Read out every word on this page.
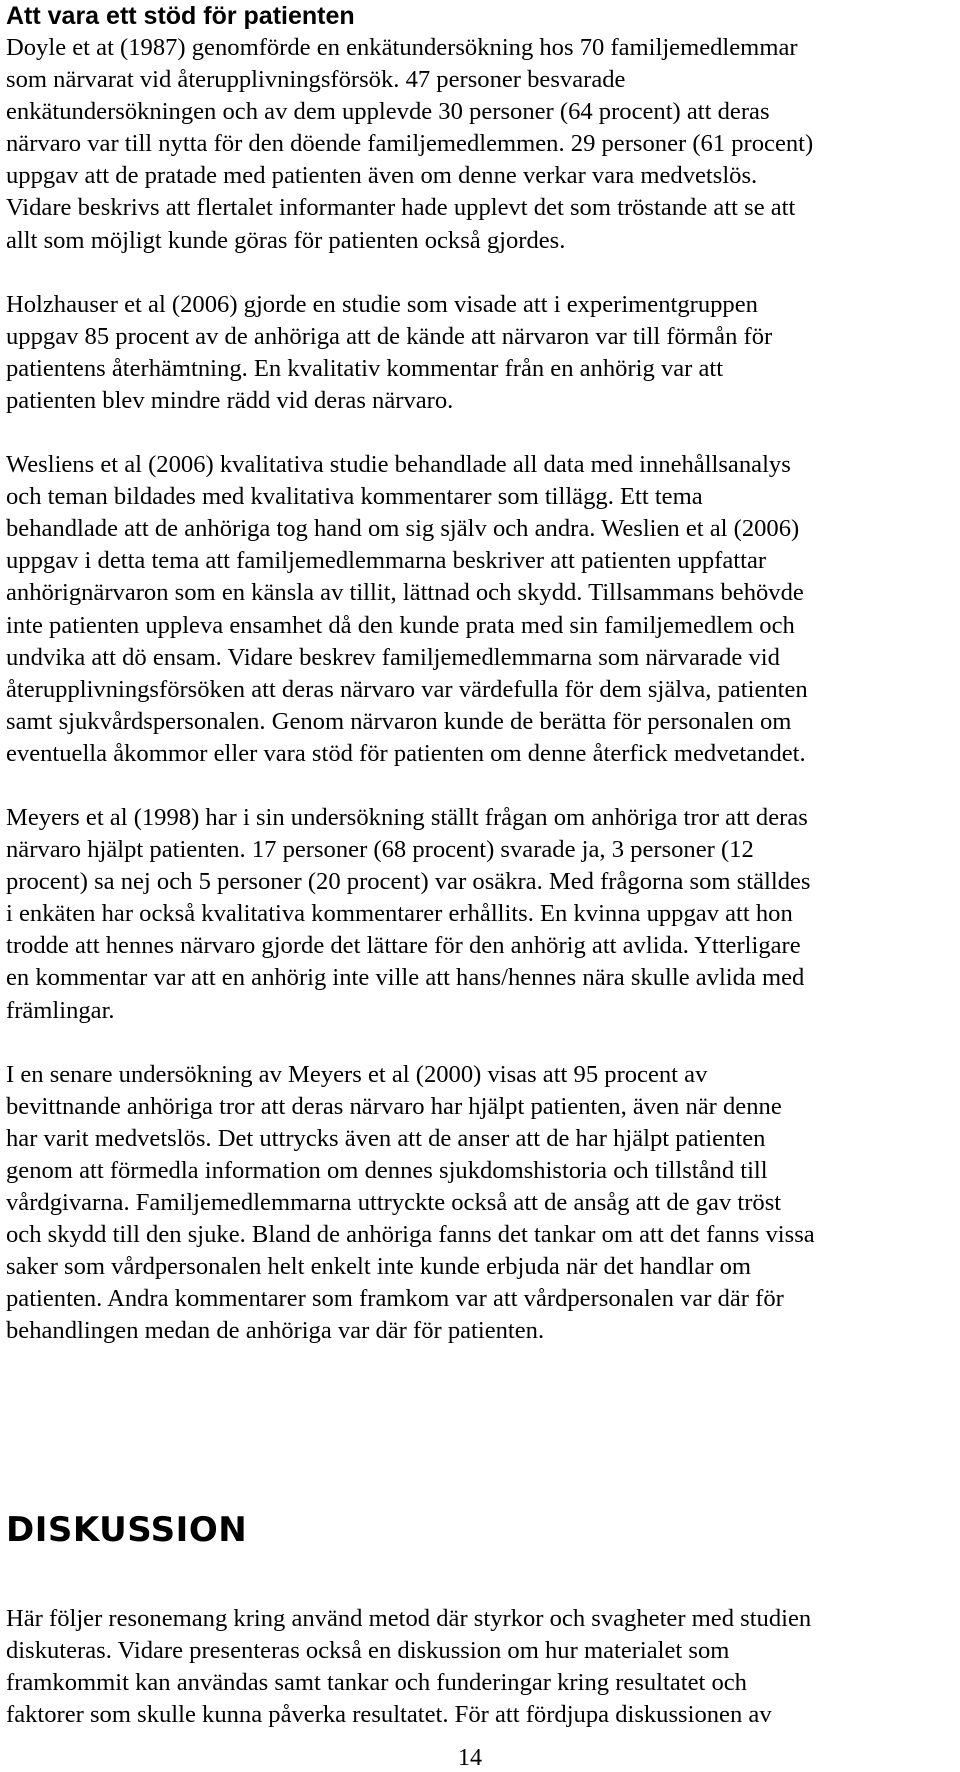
Att vara ett stöd för patienten

Doyle et at (1987) genomförde en enkätundersökning hos 70 familjemedlemmar
som närvarat vid återupplivningsförsök. 47 personer besvarade
enkätundersökningen och av dem upplevde 30 personer (64 procent) att deras
närvaro var till nytta för den döende familjemedlemmen. 29 personer (61 procent)
uppgav att de pratade med patienten även om denne verkar vara medvetslös.
Vidare beskrivs att flertalet informanter hade upplevt det som tröstande att se att
allt som möjligt kunde göras för patienten också gjordes.

Holzhauser et al (2006) gjorde en studie som visade att i experimentgruppen
uppgav 85 procent av de anhöriga att de kände att närvaron var till förmån för
patientens återhämtning. En kvalitativ kommentar från en anhörig var att
patienten blev mindre rädd vid deras närvaro.

Wesliens et al (2006) kvalitativa studie behandlade all data med innehållsanalys
och teman bildades med kvalitativa kommentarer som tillägg. Ett tema
behandlade att de anhöriga tog hand om sig själv och andra. Weslien et al (2006)
uppgav i detta tema att familjemedlemmarna beskriver att patienten uppfattar
anhörignärvaron som en känsla av tillit, lättnad och skydd. Tillsammans behövde
inte patienten uppleva ensamhet då den kunde prata med sin familjemedlem och
undvika att dö ensam. Vidare beskrev familjemedlemmarna som närvarade vid
återupplivningsförsöken att deras närvaro var värdefulla för dem själva, patienten
samt sjukvårdspersonalen. Genom närvaron kunde de berätta för personalen om
eventuella åkommor eller vara stöd för patienten om denne återfick medvetandet.

Meyers et al (1998) har i sin undersökning ställt frågan om anhöriga tror att deras
närvaro hjälpt patienten. 17 personer (68 procent) svarade ja, 3 personer (12
procent) sa nej och 5 personer (20 procent) var osäkra. Med frågorna som ställdes
i enkäten har också kvalitativa kommentarer erhållits. En kvinna uppgav att hon
trodde att hennes närvaro gjorde det lättare för den anhörig att avlida. Ytterligare
en kommentar var att en anhörig inte ville att hans/hennes nära skulle avlida med
främlingar.

I en senare undersökning av Meyers et al (2000) visas att 95 procent av
bevittnande anhöriga tror att deras närvaro har hjälpt patienten, även när denne
har varit medvetslös. Det uttrycks även att de anser att de har hjälpt patienten
genom att förmedla information om dennes sjukdomshistoria och tillstånd till
vårdgivarna. Familjemedlemmarna uttryckte också att de ansåg att de gav tröst
och skydd till den sjuke. Bland de anhöriga fanns det tankar om att det fanns vissa
saker som vårdpersonalen helt enkelt inte kunde erbjuda när det handlar om
patienten. Andra kommentarer som framkom var att vårdpersonalen var där för
behandlingen medan de anhöriga var där för patienten.

DISKUSSION

Här följer resonemang kring använd metod där styrkor och svagheter med studien
diskuteras. Vidare presenteras också en diskussion om hur materialet som
framkommit kan användas samt tankar och funderingar kring resultatet och
faktorer som skulle kunna påverka resultatet. För att fördjupa diskussionen av

14
